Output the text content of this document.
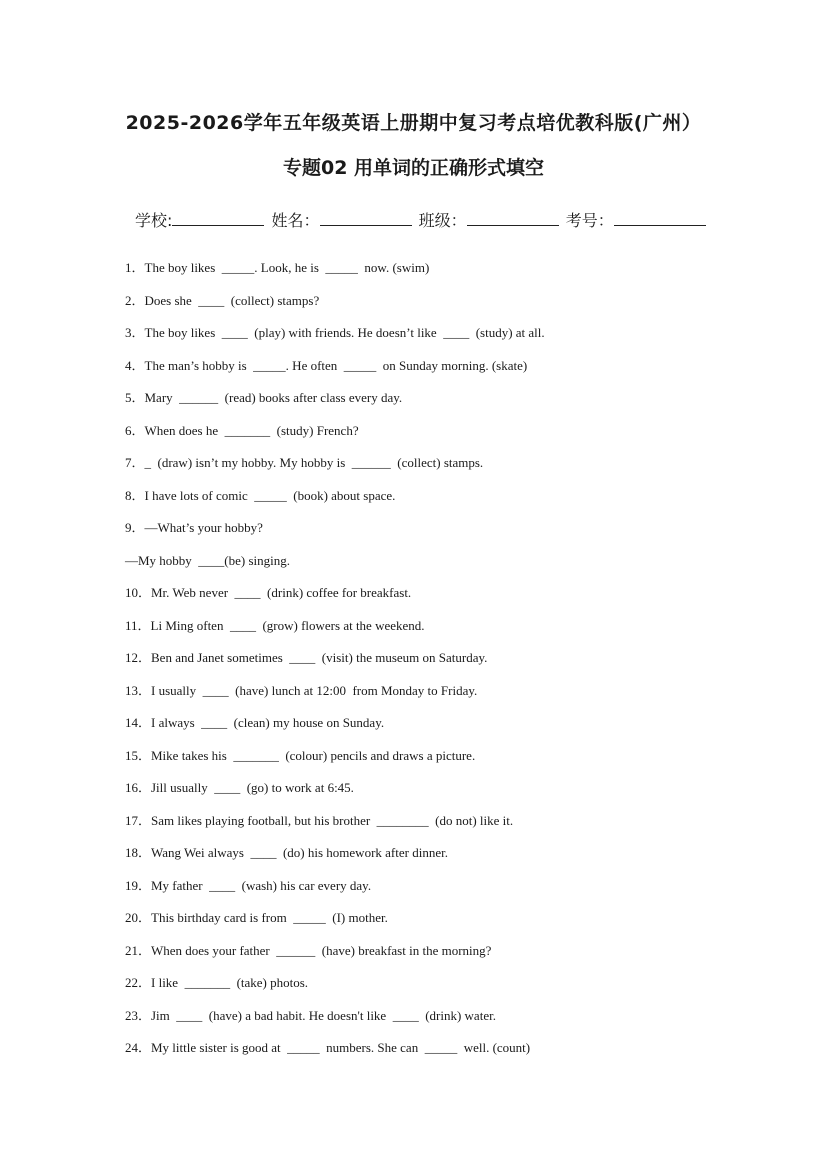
2025-2026学年五年级英语上册期中复习考点培优教科版(广州）
专题02 用单词的正确形式填空
学校:	姓名：	班级：	考号：
1．The boy likes  _____. Look, he is  _____  now. (swim)
2．Does she  ____  (collect) stamps?
3．The boy likes  ____  (play) with friends. He doesn’t like  ____  (study) at all.
4．The man’s hobby is  _____. He often  _____  on Sunday morning. (skate)
5．Mary  ______  (read) books after class every day.
6．When does he  _______  (study) French?
7．_  (draw) isn’t my hobby. My hobby is  ______  (collect) stamps.
8．I have lots of comic  _____  (book) about space.
9．—What’s your hobby?
—My hobby  ____(be) singing.
10．Mr. Web never  ____  (drink) coffee for breakfast.
11．Li Ming often  ____  (grow) flowers at the weekend.
12．Ben and Janet sometimes  ____  (visit) the museum on Saturday.
13．I usually  ____  (have) lunch at 12:00  from Monday to Friday.
14．I always  ____  (clean) my house on Sunday.
15．Mike takes his  _______  (colour) pencils and draws a picture.
16．Jill usually  ____  (go) to work at 6:45.
17．Sam likes playing football, but his brother  ________  (do not) like it.
18．Wang Wei always  ____  (do) his homework after dinner.
19．My father  ____  (wash) his car every day.
20．This birthday card is from  _____  (I) mother.
21．When does your father  ______  (have) breakfast in the morning?
22．I like  _______  (take) photos.
23．Jim  ____  (have) a bad habit. He doesn't like  ____  (drink) water.
24．My little sister is good at  _____  numbers. She can  _____  well. (count)
